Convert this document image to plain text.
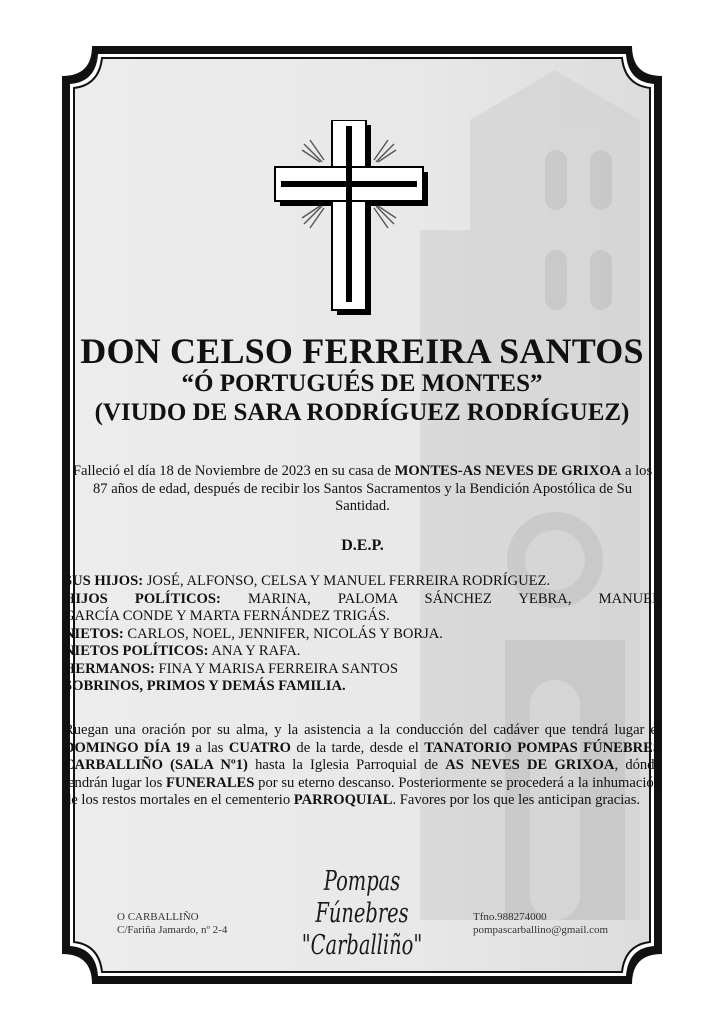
DON CELSO FERREIRA SANTOS
“Ó PORTUGUÉS DE MONTES”
(VIUDO DE SARA RODRÍGUEZ RODRÍGUEZ)
Falleció el día 18 de Noviembre de 2023 en su casa de MONTES-AS NEVES DE GRIXOA a los 87 años de edad, después de recibir los Santos Sacramentos y la Bendición Apostólica de Su Santidad.
D.E.P.
SUS HIJOS: JOSÉ, ALFONSO, CELSA Y MANUEL FERREIRA RODRÍGUEZ.
HIJOS POLÍTICOS: MARINA, PALOMA SÁNCHEZ YEBRA, MANUEL
GARCÍA CONDE Y MARTA FERNÁNDEZ TRIGÁS.
NIETOS: CARLOS, NOEL, JENNIFER, NICOLÁS Y BORJA.
NIETOS POLÍTICOS: ANA Y RAFA.
HERMANOS: FINA Y MARISA FERREIRA SANTOS
SOBRINOS, PRIMOS Y DEMÁS FAMILIA.
Ruegan una oración por su alma, y la asistencia a la conducción del cadáver que tendrá lugar el DOMINGO DÍA 19 a las CUATRO de la tarde, desde el TANATORIO POMPAS FÚNEBRES CARBALLIÑO (SALA Nº1) hasta la Iglesia Parroquial de AS NEVES DE GRIXOA, dónde tendrán lugar los FUNERALES por su eterno descanso. Posteriormente se procederá a la inhumación de los restos mortales en el cementerio PARROQUIAL. Favores por los que les anticipan gracias.
Pompas Fúnebres
"Carballiño"
O CARBALLIÑO
C/Fariña Jamardo, nº 2-4
Tfno.988274000
pompascarballino@gmail.com
